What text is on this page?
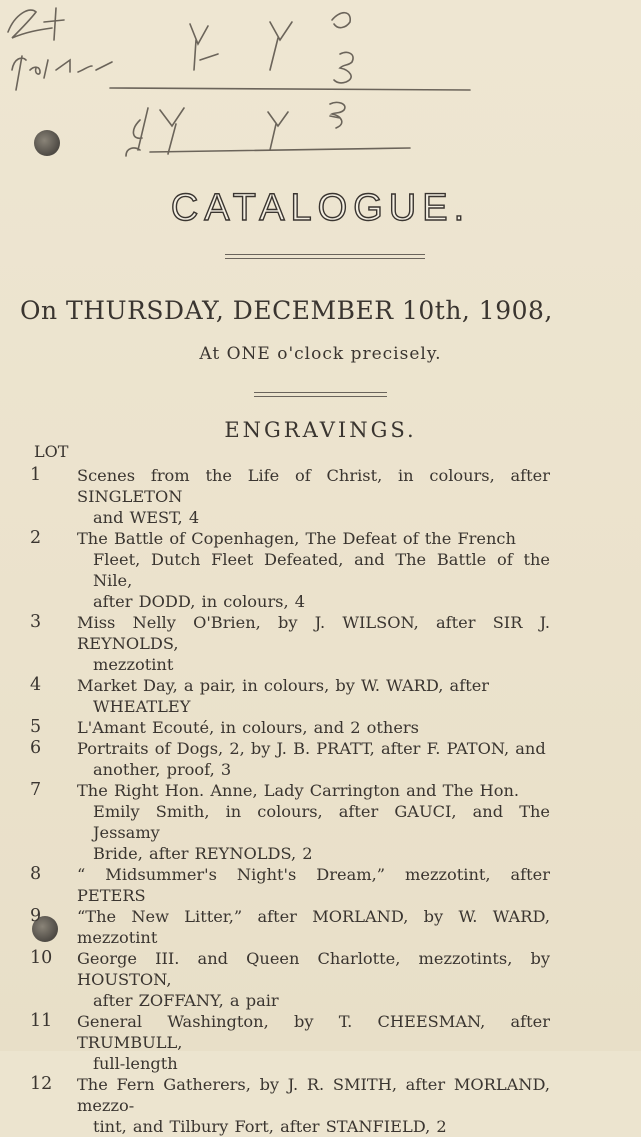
CATALOGUE.
On THURSDAY, DECEMBER 10th, 1908,
At ONE o'clock precisely.
ENGRAVINGS.
LOT
1	Scenes from the Life of Christ, in colours, after SINGLETON
and WEST, 4
2	The Battle of Copenhagen, The Defeat of the French
Fleet, Dutch Fleet Defeated, and The Battle of the Nile,
after DODD, in colours, 4
3	Miss Nelly O'Brien, by J. WILSON, after SIR J. REYNOLDS,
mezzotint
4	Market Day, a pair, in colours, by W. WARD, after
WHEATLEY
5	L'Amant Ecouté, in colours, and 2 others
6	Portraits of Dogs, 2, by J. B. PRATT, after F. PATON, and
another, proof, 3
7	The Right Hon. Anne, Lady Carrington and The Hon.
Emily Smith, in colours, after GAUCI, and The Jessamy
Bride, after REYNOLDS, 2
8	“ Midsummer's Night's Dream,” mezzotint, after PETERS
9	“The New Litter,” after MORLAND, by W. WARD, mezzotint
10	George III. and Queen Charlotte, mezzotints, by HOUSTON,
after ZOFFANY, a pair
11	General Washington, by T. CHEESMAN, after TRUMBULL,
full-length
12	The Fern Gatherers, by J. R. SMITH, after MORLAND, mezzo-
tint, and Tilbury Fort, after STANFIELD, 2
